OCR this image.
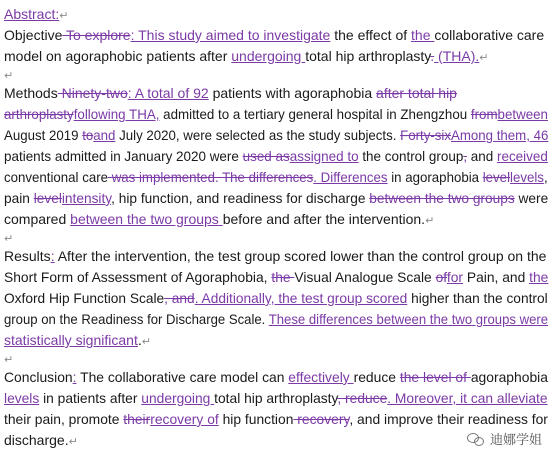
Abstract:↵
Objective To explore: This study aimed to investigate the effect of the collaborative care
model on agoraphobic patients after undergoing total hip arthroplasty. (THA).↵
↵
Methods Ninety-two: A total of 92 patients with agoraphobia after total hip
arthroplastyfollowing THA, admitted to a tertiary general hospital in Zhengzhou frombetween
August 2019 toand July 2020, were selected as the study subjects. Forty-sixAmong them, 46
patients admitted in January 2020 were used asassigned to the control group, and received
conventional care was implemented. The differences. Differences in agoraphobia levellevels,
pain levelintensity, hip function, and readiness for discharge between the two groups were
compared between the two groups before and after the intervention.↵
↵
Results: After the intervention, the test group scored lower than the control group on the
Short Form of Assessment of Agoraphobia, the Visual Analogue Scale offor Pain, and the
Oxford Hip Function Scale, and. Additionally, the test group scored higher than the control
group on the Readiness for Discharge Scale. These differences between the two groups were
statistically significant.↵
↵
Conclusion: The collaborative care model can effectively reduce the level of agoraphobia
levels in patients after undergoing total hip arthroplasty, reduce. Moreover, it can alleviate
their pain, promote theirrecovery of hip function recovery, and improve their readiness for
discharge.↵	迪娜学姐
